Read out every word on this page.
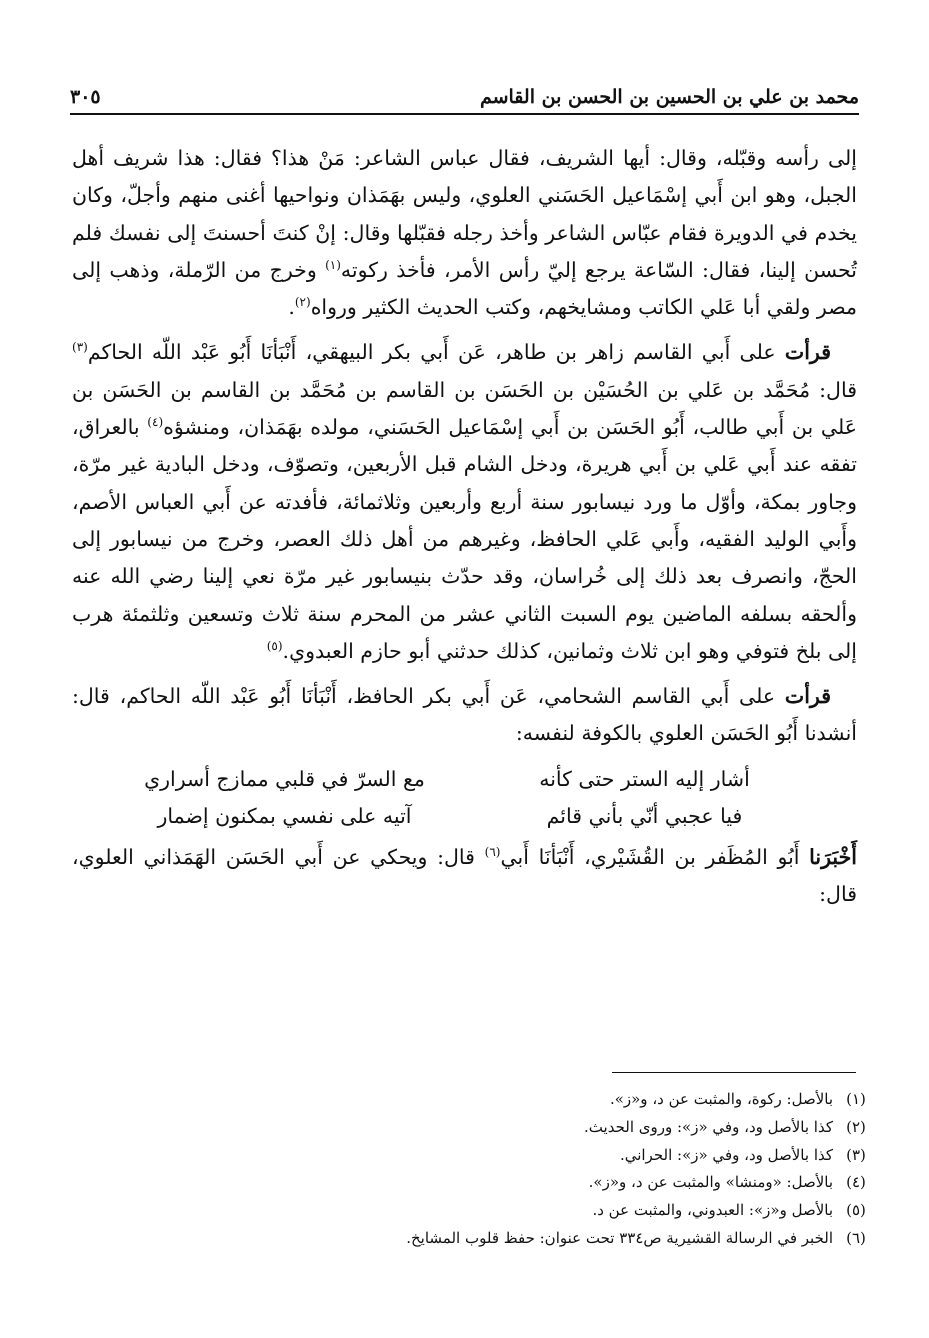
محمد بن علي بن الحسين بن الحسن بن القاسم
٣٠٥

إلى رأسه وقبّله، وقال: أيها الشريف، فقال عباس الشاعر: مَنْ هذا؟ فقال: هذا شريف أهل الجبل، وهو ابن أَبي إسْمَاعيل الحَسَني العلوي، وليس بهَمَذان ونواحيها أغنى منهم وأجلّ، وكان يخدم في الدويرة فقام عبّاس الشاعر وأخذ رجله فقبّلها وقال: إنْ كنتَ أحسنتَ إلى نفسك فلم تُحسن إلينا، فقال: السّاعة يرجع إليّ رأس الأمر، فأخذ ركوته$^{(١)}$ وخرج من الرّملة، وذهب إلى مصر ولقي أبا عَلي الكاتب ومشايخهم، وكتب الحديث الكثير ورواه$^{(٢)}$.

قرأت على أَبي القاسم زاهر بن طاهر، عَن أَبي بكر البيهقي، أَنْبَأنَا أَبُو عَبْد اللّه الحاكم$^{(٣)}$ قال: مُحَمَّد بن عَلي بن الحُسَيْن بن الحَسَن بن القاسم بن مُحَمَّد بن القاسم بن الحَسَن بن عَلي بن أَبي طالب، أَبُو الحَسَن بن أَبي إسْمَاعيل الحَسَني، مولده بهَمَذان، ومنشؤه$^{(٤)}$ بالعراق، تفقه عند أَبي عَلي بن أَبي هريرة، ودخل الشام قبل الأربعين، وتصوّف، ودخل البادية غير مرّة، وجاور بمكة، وأوّل ما ورد نيسابور سنة أربع وأربعين وثلاثمائة، فأفدته عن أَبي العباس الأصم، وأَبي الوليد الفقيه، وأَبي عَلي الحافظ، وغيرهم من أهل ذلك العصر، وخرج من نيسابور إلى الحجّ، وانصرف بعد ذلك إلى خُراسان، وقد حدّث بنيسابور غير مرّة نعي إلينا رضي الله عنه وألحقه بسلفه الماضين يوم السبت الثاني عشر من المحرم سنة ثلاث وتسعين وثلثمئة هرب إلى بلخ فتوفي وهو ابن ثلاث وثمانين، كذلك حدثني أبو حازم العبدوي.$^{(٥)}$

قرأت على أَبي القاسم الشحامي، عَن أَبي بكر الحافظ، أَنْبَأنَا أَبُو عَبْد اللّه الحاكم، قال: أنشدنا أَبُو الحَسَن العلوي بالكوفة لنفسه:

أشار إليه الستر حتى كأنه
مع السرّ في قلبي ممازج أسراري
فيا عجبي أنّي بأني قائم
آتيه على نفسي بمكنون إضمار

أَخْبَرَنا أَبُو المُظَفر بن القُشَيْري، أَنْبَأنَا أَبي$^{(٦)}$ قال: ويحكي عن أَبي الحَسَن الهَمَذاني العلوي، قال:

(١)
بالأصل: ركوة، والمثبت عن د، و«ز».
(٢)
كذا بالأصل ود، وفي «ز»: وروى الحديث.
(٣)
كذا بالأصل ود، وفي «ز»: الحراني.
(٤)
بالأصل: «ومنشا» والمثبت عن د، و«ز».
(٥)
بالأصل و«ز»: العبدوني، والمثبت عن د.
(٦)
الخبر في الرسالة القشيرية ص٣٣٤ تحت عنوان: حفظ قلوب المشايخ.
